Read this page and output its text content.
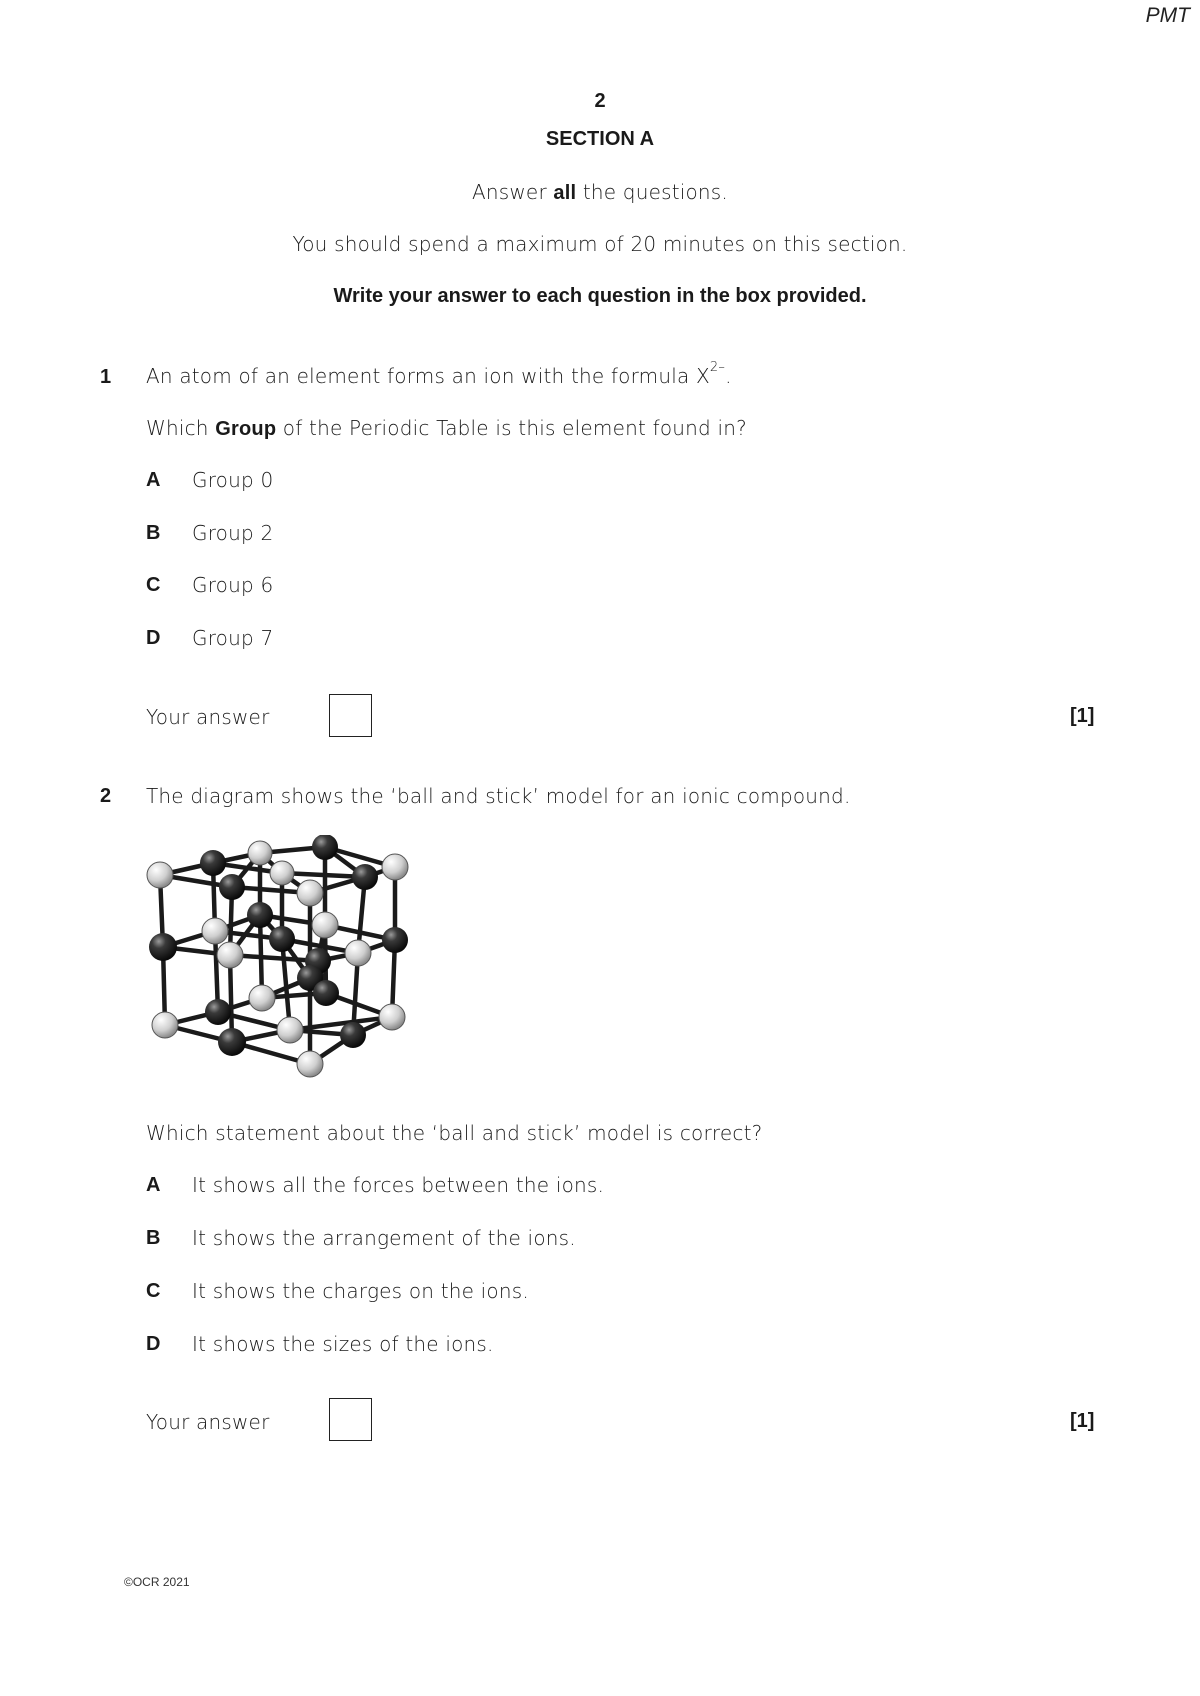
PMT
2
SECTION A
Answer all the questions.
You should spend a maximum of 20 minutes on this section.
Write your answer to each question in the box provided.
1 An atom of an element forms an ion with the formula $X^{2-}$.
Which Group of the Periodic Table is this element found in?
A Group 0
B Group 2
C Group 6
D Group 7
Your answer	[1]
2 The diagram shows the ‘ball and stick’ model for an ionic compound.
Which statement about the ‘ball and stick’ model is correct?
A It shows all the forces between the ions.
B It shows the arrangement of the ions.
C It shows the charges on the ions.
D It shows the sizes of the ions.
Your answer	[1]
©OCR 2021
